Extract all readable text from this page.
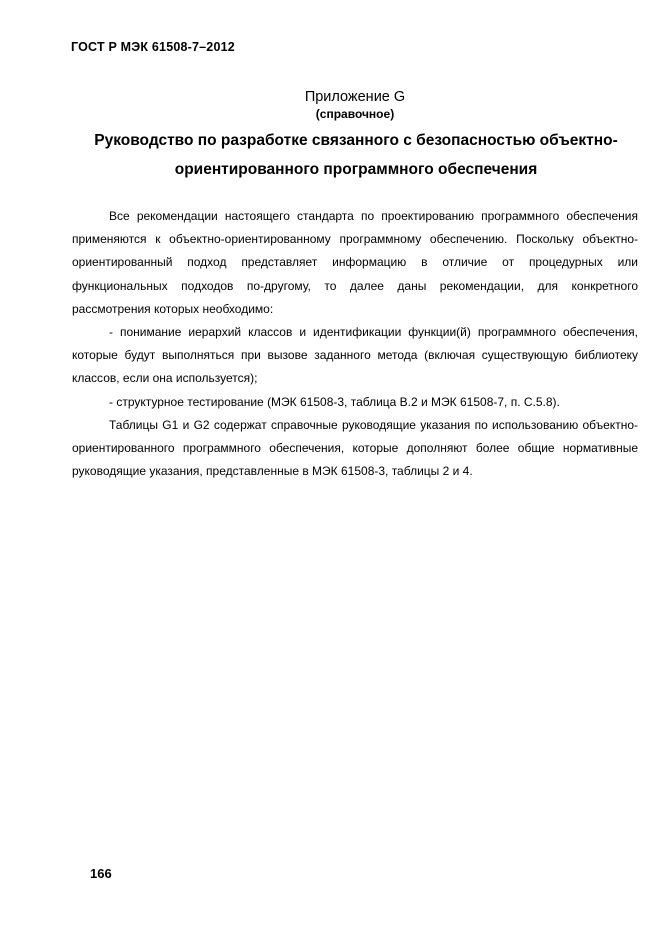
ГОСТ Р МЭК 61508-7–2012
Приложение G
(справочное)
Руководство по разработке связанного с безопасностью объектно-ориентированного программного обеспечения

Все рекомендации настоящего стандарта по проектированию программного обеспечения применяются к объектно-ориентированному программному обеспечению. Поскольку объектно-ориентированный подход представляет информацию в отличие от процедурных или функциональных подходов по-другому, то далее даны рекомендации, для конкретного рассмотрения которых необходимо:

- понимание иерархий классов и идентификации функции(й) программного обеспечения, которые будут выполняться при вызове заданного метода (включая существующую библиотеку классов, если она используется);

- структурное тестирование (МЭК 61508-3, таблица В.2 и МЭК 61508-7, п. С.5.8).

Таблицы G1 и G2 содержат справочные руководящие указания по использованию объектно-ориентированного программного обеспечения, которые дополняют более общие нормативные руководящие указания, представленные в МЭК 61508-3, таблицы 2 и 4.

166
